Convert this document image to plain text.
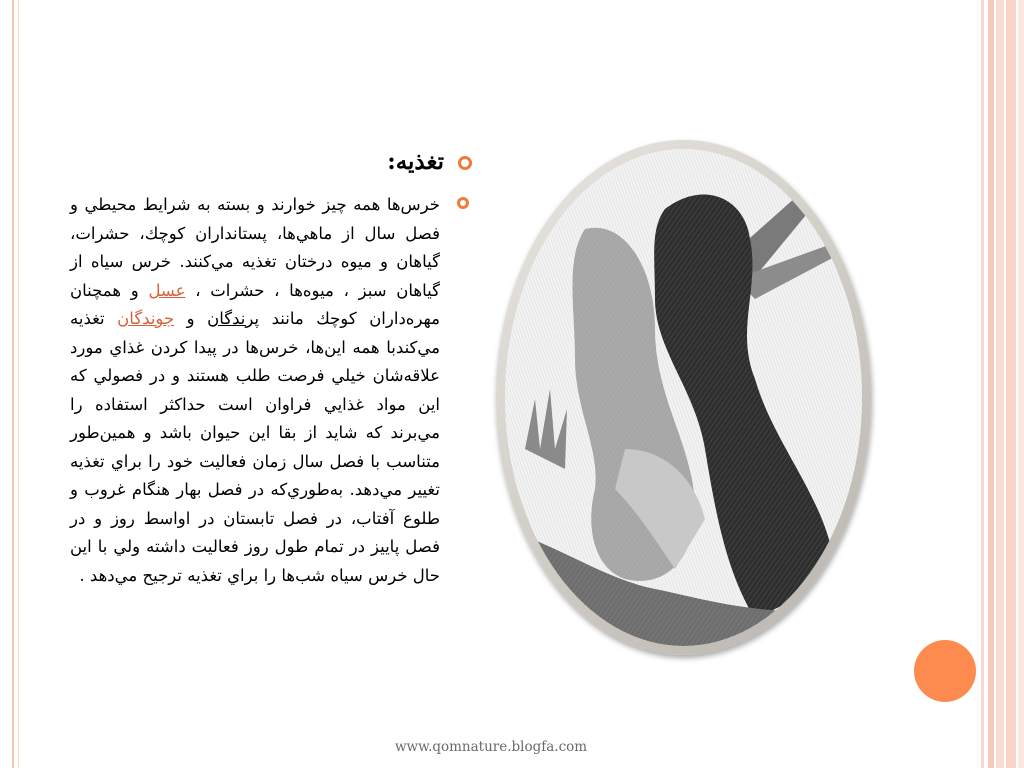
تغذيه:
خرس‌ها همه چيز خوارند و بسته به شرايط محيطي و فصل سال از ماهي‌ها، پستانداران كوچك، حشرات، گياهان و ميوه درختان تغذيه مي‌كنند. خرس سياه از گياهان سبز ، ميوه‌ها ، حشرات ، عسل و همچنان مهره‌داران كوچك مانند پرندگان و جوندگان تغذيه مي‌كندبا همه اين‌ها، خرس‌ها در پيدا كردن غذاي مورد علاقه‌شان خيلي فرصت طلب هستند و در فصولي كه اين مواد غذايي فراوان است حداكثر استفاده را مي‌برند كه شايد از بقا اين حيوان باشد و همين‌طور متناسب با فصل سال زمان فعاليت خود را براي تغذيه تغيير مي‌دهد. به‌طوري‌كه در فصل بهار هنگام غروب و طلوع آفتاب، در فصل تابستان در اواسط روز و در فصل پاييز در تمام طول روز فعاليت داشته ولي با اين حال خرس سياه شب‌ها را براي تغذيه ترجيح مي‌دهد .
www.qomnature.blogfa.com
